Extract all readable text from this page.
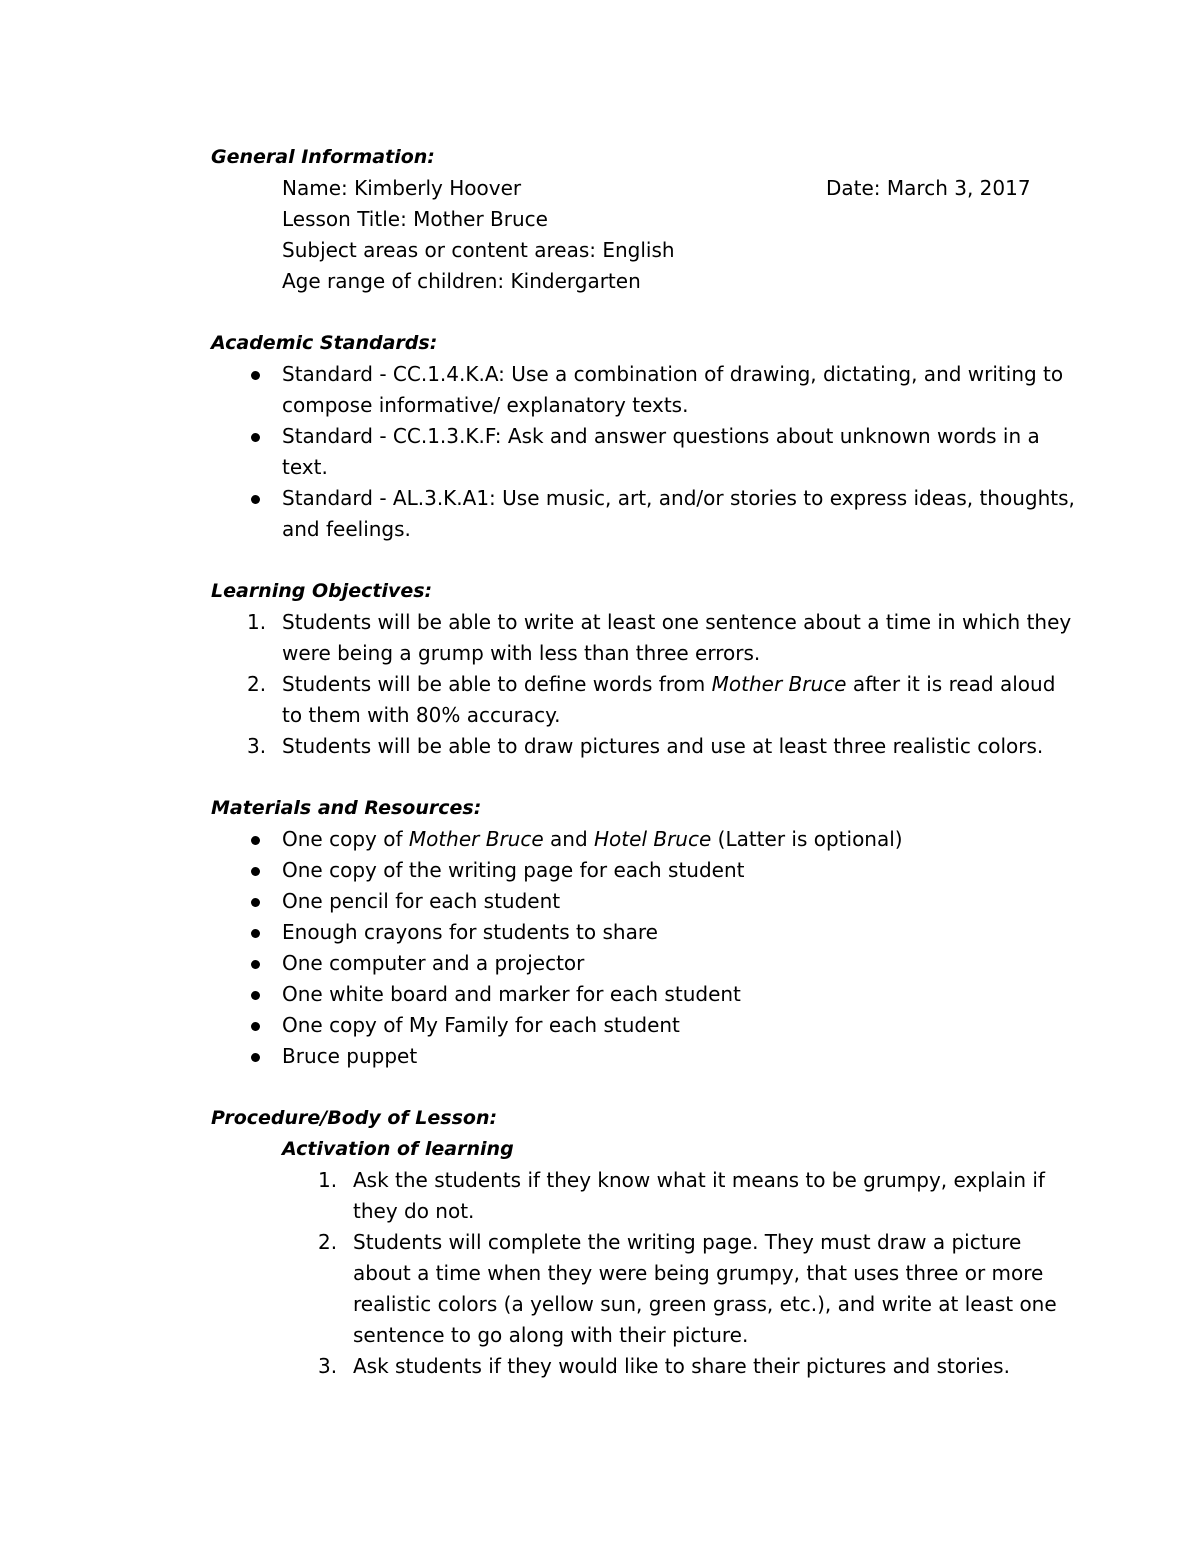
General Information:
Name: Kimberly Hoover	Date: March 3, 2017
Lesson Title: Mother Bruce
Subject areas or content areas: English
Age range of children: Kindergarten
Academic Standards:
Standard - CC.1.4.K.A: Use a combination of drawing, dictating, and writing to compose informative/ explanatory texts.
Standard - CC.1.3.K.F: Ask and answer questions about unknown words in a text.
Standard - AL.3.K.A1: Use music, art, and/or stories to express ideas, thoughts, and feelings.
Learning Objectives:
1. Students will be able to write at least one sentence about a time in which they were being a grump with less than three errors.
2. Students will be able to define words from Mother Bruce after it is read aloud to them with 80% accuracy.
3. Students will be able to draw pictures and use at least three realistic colors.
Materials and Resources:
One copy of Mother Bruce and Hotel Bruce (Latter is optional)
One copy of the writing page for each student
One pencil for each student
Enough crayons for students to share
One computer and a projector
One white board and marker for each student
One copy of My Family for each student
Bruce puppet
Procedure/Body of Lesson:
Activation of learning
1. Ask the students if they know what it means to be grumpy, explain if they do not.
2. Students will complete the writing page. They must draw a picture about a time when they were being grumpy, that uses three or more realistic colors (a yellow sun, green grass, etc.), and write at least one sentence to go along with their picture.
3. Ask students if they would like to share their pictures and stories.
